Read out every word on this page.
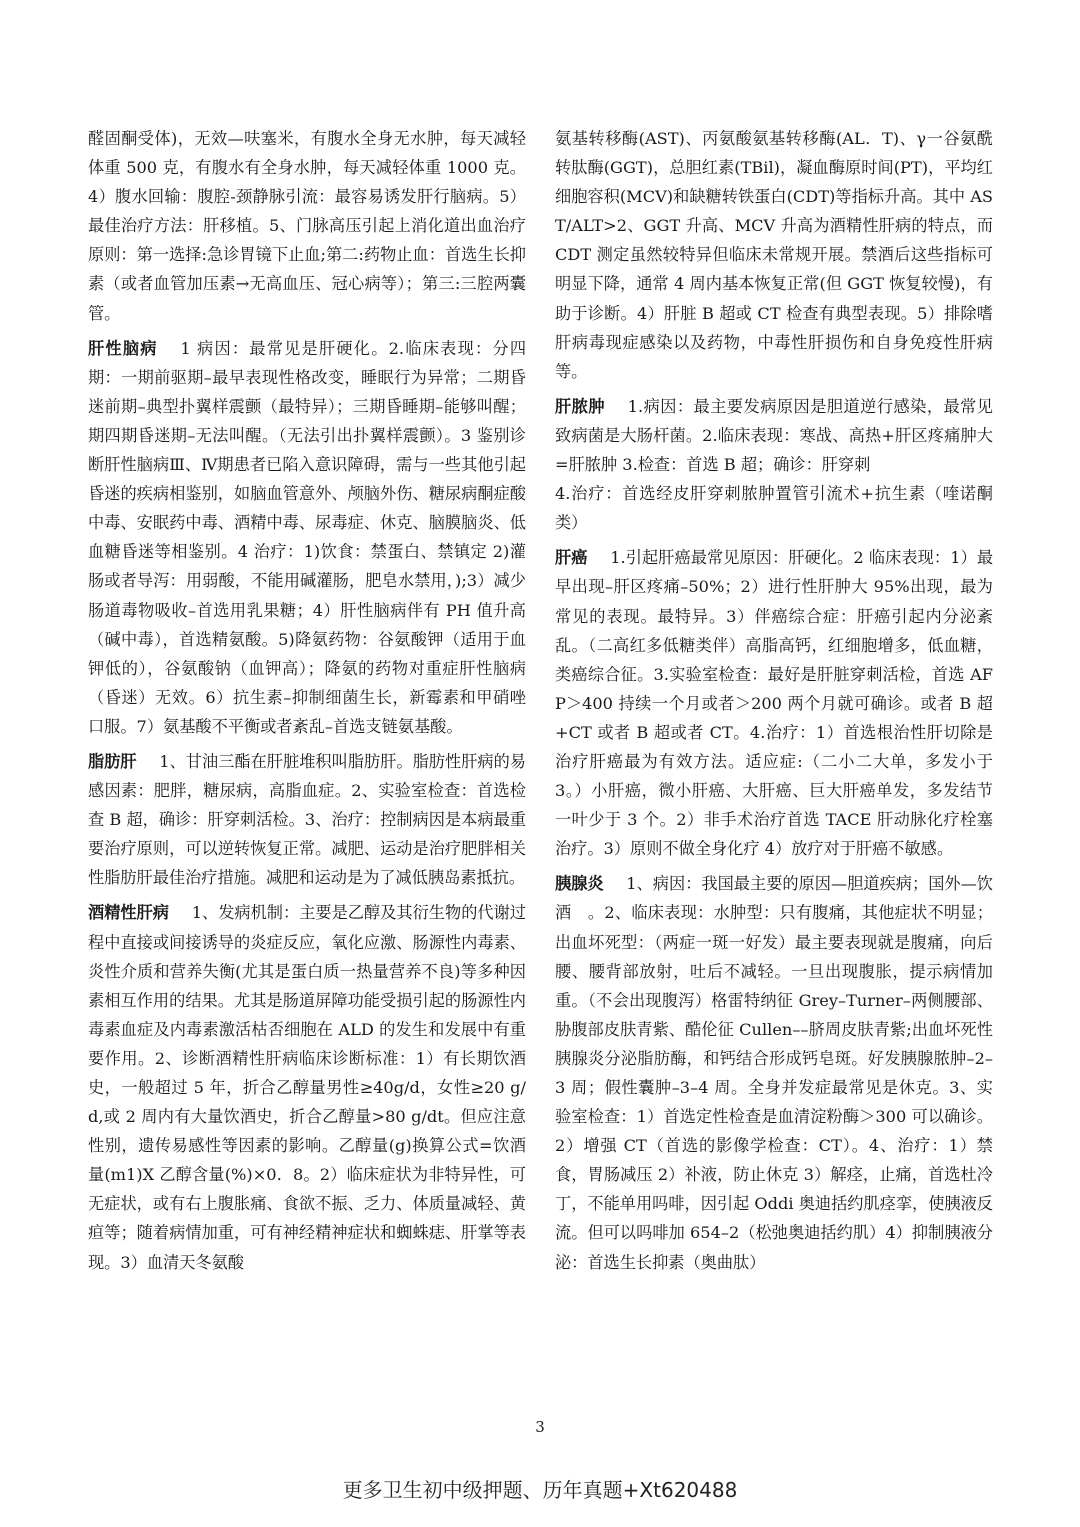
醛固酮受体)，无效—呋塞米，有腹水全身无水肿，每天减轻体重 500 克，有腹水有全身水肿，每天减轻体重 1000 克。4）腹水回输：腹腔-颈静脉引流：最容易诱发肝行脑病。5）最佳治疗方法：肝移植。5、门脉高压引起上消化道出血治疗原则：第一选择:急诊胃镜下止血;第二:药物止血：首选生长抑素（或者血管加压素→无高血压、冠心病等）；第三:三腔两囊管。

肝性脑病 1 病因：最常见是肝硬化。2.临床表现：分四期：一期前驱期–最早表现性格改变，睡眠行为异常；二期昏迷前期–典型扑翼样震颤（最特异）；三期昏睡期–能够叫醒；期四期昏迷期–无法叫醒。（无法引出扑翼样震颤）。3 鉴别诊断肝性脑病Ⅲ、Ⅳ期患者已陷入意识障碍，需与一些其他引起昏迷的疾病相鉴别，如脑血管意外、颅脑外伤、糖尿病酮症酸中毒、安眠药中毒、酒精中毒、尿毒症、休克、脑膜脑炎、低血糖昏迷等相鉴别。4 治疗：1)饮食：禁蛋白、禁镇定 2)灌肠或者导泻：用弱酸，不能用碱灌肠，肥皂水禁用，);3）减少肠道毒物吸收–首选用乳果糖；4）肝性脑病伴有 PH 值升高（碱中毒），首选精氨酸。5)降氨药物：谷氨酸钾（适用于血钾低的），谷氨酸钠（血钾高）；降氨的药物对重症肝性脑病（昏迷）无效。6）抗生素–抑制细菌生长，新霉素和甲硝唑口服。7）氨基酸不平衡或者紊乱–首选支链氨基酸。

脂肪肝 1、甘油三酯在肝脏堆积叫脂肪肝。脂肪性肝病的易感因素：肥胖，糖尿病，高脂血症。2、实验室检查：首选检查 B 超，确诊：肝穿刺活检。3、治疗：控制病因是本病最重要治疗原则，可以逆转恢复正常。减肥、运动是治疗肥胖相关性脂肪肝最佳治疗措施。减肥和运动是为了减低胰岛素抵抗。

酒精性肝病 1、发病机制：主要是乙醇及其衍生物的代谢过程中直接或间接诱导的炎症反应，氧化应激、肠源性内毒素、炎性介质和营养失衡(尤其是蛋白质一热量营养不良)等多种因素相互作用的结果。尤其是肠道屏障功能受损引起的肠源性内毒素血症及内毒素激活枯否细胞在 ALD 的发生和发展中有重要作用。2、诊断酒精性肝病临床诊断标准：1）有长期饮酒史，一般超过 5 年，折合乙醇量男性≥40g/d，女性≥20 g/d,或 2 周内有大量饮酒史，折合乙醇量>80 g/dt。但应注意性别，遗传易感性等因素的影响。乙醇量(g)换算公式=饮酒量(m1)X 乙醇含量(%)×0．8。2）临床症状为非特异性，可无症状，或有右上腹胀痛、食欲不振、乏力、体质量减轻、黄疸等；随着病情加重，可有神经精神症状和蜘蛛痣、肝掌等表现。3）血清天冬氨酸

氨基转移酶(AST)、丙氨酸氨基转移酶(AL．T)、γ一谷氨酰转肽酶(GGT)，总胆红素(TBil)，凝血酶原时间(PT)，平均红细胞容积(MCV)和缺糖转铁蛋白(CDT)等指标升高。其中 AST/ALT>2、GGT 升高、MCV 升高为酒精性肝病的特点，而 CDT 测定虽然较特异但临床未常规开展。禁酒后这些指标可明显下降，通常 4 周内基本恢复正常(但 GGT 恢复较慢)，有助于诊断。4）肝脏 B 超或 CT 检查有典型表现。5）排除嗜肝病毒现症感染以及药物，中毒性肝损伤和自身免疫性肝病等。

肝脓肿 1.病因：最主要发病原因是胆道逆行感染，最常见致病菌是大肠杆菌。2.临床表现：寒战、高热+肝区疼痛肿大=肝脓肿 3.检查：首选 B 超；确诊：肝穿刺

4.治疗：首选经皮肝穿刺脓肿置管引流术+抗生素（喹诺酮类）

肝癌 1.引起肝癌最常见原因：肝硬化。2 临床表现：1）最早出现–肝区疼痛–50%；2）进行性肝肿大 95%出现，最为常见的表现。最特异。3）伴癌综合症：肝癌引起内分泌紊乱。（二高红多低糖类伴）高脂高钙，红细胞增多，低血糖，类癌综合征。3.实验室检查：最好是肝脏穿刺活检，首选 AFP＞400 持续一个月或者＞200 两个月就可确诊。或者 B 超+CT 或者 B 超或者 CT。4.治疗：1）首选根治性肝切除是治疗肝癌最为有效方法。适应症:（二小二大单，多发小于 3。）小肝癌，微小肝癌、大肝癌、巨大肝癌单发，多发结节一叶少于 3 个。2）非手术治疗首选 TACE 肝动脉化疗栓塞治疗。3）原则不做全身化疗 4）放疗对于肝癌不敏感。

胰腺炎 1、病因：我国最主要的原因—胆道疾病；国外—饮酒　。2、临床表现：水肿型：只有腹痛，其他症状不明显；出血坏死型：（两症一斑一好发）最主要表现就是腹痛，向后腰、腰背部放射，吐后不减轻。一旦出现腹胀，提示病情加重。（不会出现腹泻）格雷特纳征 Grey–Turner–两侧腰部、胁腹部皮肤青紫、酷伦征 Cullen––脐周皮肤青紫;出血坏死性胰腺炎分泌脂肪酶，和钙结合形成钙皂斑。好发胰腺脓肿–2–3 周；假性囊肿–3–4 周。全身并发症最常见是休克。3、实验室检查：1）首选定性检查是血清淀粉酶＞300 可以确诊。2）增强 CT（首选的影像学检查：CT）。4、治疗：1）禁食，胃肠减压 2）补液，防止休克 3）解痉，止痛，首选杜冷丁，不能单用吗啡，因引起 Oddi 奥迪括约肌痉挛，使胰液反流。但可以吗啡加 654–2（松弛奥迪括约肌）4）抑制胰液分泌：首选生长抑素（奥曲肽）

3
更多卫生初中级押题、历年真题+Xt620488
